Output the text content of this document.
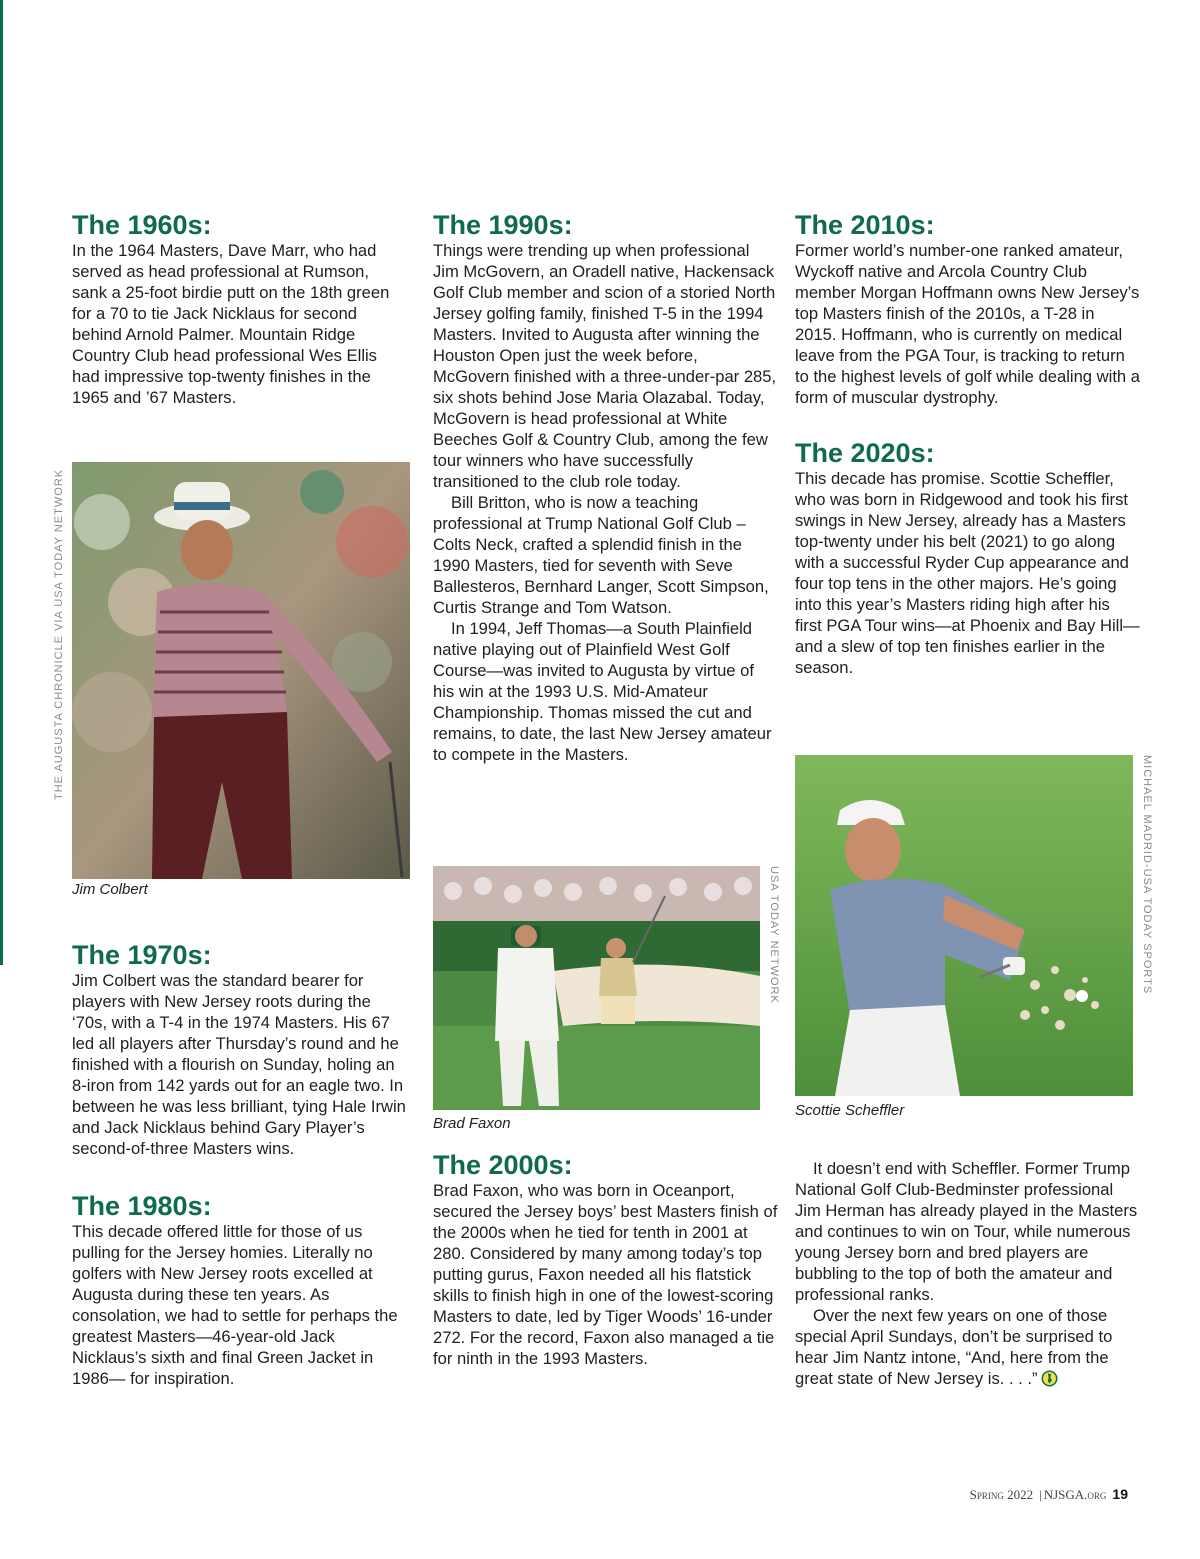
The 1960s:

In the 1964 Masters, Dave Marr, who had served as head professional at Rumson, sank a 25-foot birdie putt on the 18th green for a 70 to tie Jack Nicklaus for second behind Arnold Palmer. Mountain Ridge Country Club head professional Wes Ellis had impressive top-twenty finishes in the 1965 and ’67 Masters.

Jim Colbert
THE AUGUSTA CHRONICLE VIA USA TODAY NETWORK
The 1970s:

Jim Colbert was the standard bearer for players with New Jersey roots during the ‘70s, with a T-4 in the 1974 Masters. His 67 led all players after Thursday’s round and he finished with a flourish on Sunday, holing an 8-iron from 142 yards out for an eagle two. In between he was less brilliant, tying Hale Irwin and Jack Nicklaus behind Gary Player’s second-of-three Masters wins.

The 1980s:

This decade offered little for those of us pulling for the Jersey homies. Literally no golfers with New Jersey roots excelled at Augusta during these ten years. As consolation, we had to settle for perhaps the greatest Masters—46-year-old Jack Nicklaus’s sixth and final Green Jacket in 1986— for inspiration.

The 1990s:

Things were trending up when professional Jim McGovern, an Oradell native, Hackensack Golf Club member and scion of a storied North Jersey golfing family, finished T-5 in the 1994 Masters. Invited to Augusta after winning the Houston Open just the week before, McGovern finished with a three-under-par 285, six shots behind Jose Maria Olazabal. Today, McGovern is head professional at White Beeches Golf & Country Club, among the few tour winners who have successfully transitioned to the club role today.

Bill Britton, who is now a teaching professional at Trump National Golf Club – Colts Neck, crafted a splendid finish in the 1990 Masters, tied for seventh with Seve Ballesteros, Bernhard Langer, Scott Simpson, Curtis Strange and Tom Watson.

In 1994, Jeff Thomas—a South Plainfield native playing out of Plainfield West Golf Course—was invited to Augusta by virtue of his win at the 1993 U.S. Mid-Amateur Championship. Thomas missed the cut and remains, to date, the last New Jersey amateur to compete in the Masters.

Brad Faxon
USA TODAY NETWORK
The 2000s:

Brad Faxon, who was born in Oceanport, secured the Jersey boys’ best Masters finish of the 2000s when he tied for tenth in 2001 at 280. Considered by many among today’s top putting gurus, Faxon needed all his flatstick skills to finish high in one of the lowest-scoring Masters to date, led by Tiger Woods’ 16-under 272. For the record, Faxon also managed a tie for ninth in the 1993 Masters.

The 2010s:

Former world’s number-one ranked amateur, Wyckoff native and Arcola Country Club member Morgan Hoffmann owns New Jersey’s top Masters finish of the 2010s, a T-28 in 2015. Hoffmann, who is currently on medical leave from the PGA Tour, is tracking to return to the highest levels of golf while dealing with a form of muscular dystrophy.

The 2020s:

This decade has promise. Scottie Scheffler, who was born in Ridgewood and took his first swings in New Jersey, already has a Masters top-twenty under his belt (2021) to go along with a successful Ryder Cup appearance and four top tens in the other majors. He’s going into this year’s Masters riding high after his first PGA Tour wins—at Phoenix and Bay Hill—and a slew of top ten finishes earlier in the season.

Scottie Scheffler
MICHAEL MADRID-USA TODAY SPORTS

It doesn’t end with Scheffler. Former Trump National Golf Club-Bedminster professional Jim Herman has already played in the Masters and continues to win on Tour, while numerous young Jersey born and bred players are bubbling to the top of both the amateur and professional ranks.

Over the next few years on one of those special April Sundays, don’t be surprised to hear Jim Nantz intone, “And, here from the great state of New Jersey is. . . .”

Spring 2022 | NJSGA.org 19
